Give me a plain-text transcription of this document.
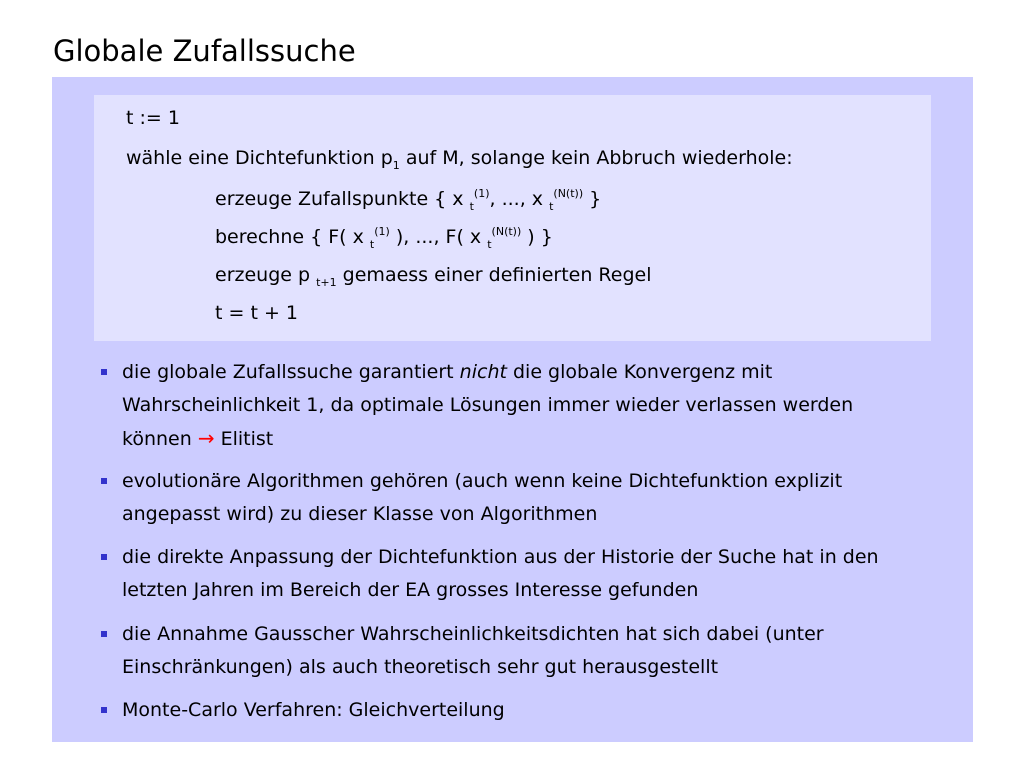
Globale Zufallssuche
t := 1
wähle eine Dichtefunktion $p_1$ auf M, solange kein Abbruch wiederhole:
erzeuge Zufallspunkte { x $_t^{(1)}$, ..., x $_t^{(N(t))}$ }
berechne { F( x $_t^{(1)}$ ), ..., F( x $_t^{(N(t))}$ ) }
erzeuge p $_{t+1}$ gemaess einer definierten Regel
t = t + 1
die globale Zufallssuche garantiert nicht die globale Konvergenz mit
Wahrscheinlichkeit 1, da optimale Lösungen immer wieder verlassen werden
können → Elitist
evolutionäre Algorithmen gehören (auch wenn keine Dichtefunktion explizit
angepasst wird) zu dieser Klasse von Algorithmen
die direkte Anpassung der Dichtefunktion aus der Historie der Suche hat in den
letzten Jahren im Bereich der EA grosses Interesse gefunden
die Annahme Gausscher Wahrscheinlichkeitsdichten hat sich dabei (unter
Einschränkungen) als auch theoretisch sehr gut herausgestellt
Monte-Carlo Verfahren: Gleichverteilung
